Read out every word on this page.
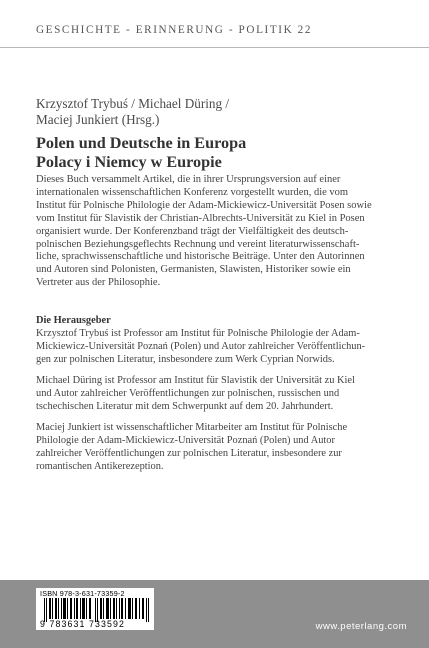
GESCHICHTE - ERINNERUNG - POLITIK 22
Krzysztof Trybuś / Michael Düring /
Maciej Junkiert (Hrsg.)
Polen und Deutsche in Europa
Polacy i Niemcy w Europie

Dieses Buch versammelt Artikel, die in ihrer Ursprungsversion auf einer

internationalen wissenschaftlichen Konferenz vorgestellt wurden, die vom

Institut für Polnische Philologie der Adam-Mickiewicz-Universität Posen sowie

vom Institut für Slavistik der Christian-Albrechts-Universität zu Kiel in Posen

organisiert wurde. Der Konferenzband trägt der Vielfältigkeit des deutsch-

polnischen Beziehungsgeflechts Rechnung und vereint literaturwissenschaft-

liche, sprachwissenschaftliche und historische Beiträge. Unter den Autorinnen

und Autoren sind Polonisten, Germanisten, Slawisten, Historiker sowie ein

Vertreter aus der Philosophie.

Die Herausgeber

Krzysztof Trybuś ist Professor am Institut für Polnische Philologie der Adam-
Mickiewicz-Universität Poznań (Polen) und Autor zahlreicher Veröffentlichun-
gen zur polnischen Literatur, insbesondere zum Werk Cyprian Norwids.

Michael Düring ist Professor am Institut für Slavistik der Universität zu Kiel
und Autor zahlreicher Veröffentlichungen zur polnischen, russischen und
tschechischen Literatur mit dem Schwerpunkt auf dem 20. Jahrhundert.

Maciej Junkiert ist wissenschaftlicher Mitarbeiter am Institut für Polnische
Philologie der Adam-Mickiewicz-Universität Poznań (Polen) und Autor
zahlreicher Veröffentlichungen zur polnischen Literatur, insbesondere zur
romantischen Antikerezeption.

ISBN 978-3-631-73359-2
9 783631 733592	www.peterlang.com
